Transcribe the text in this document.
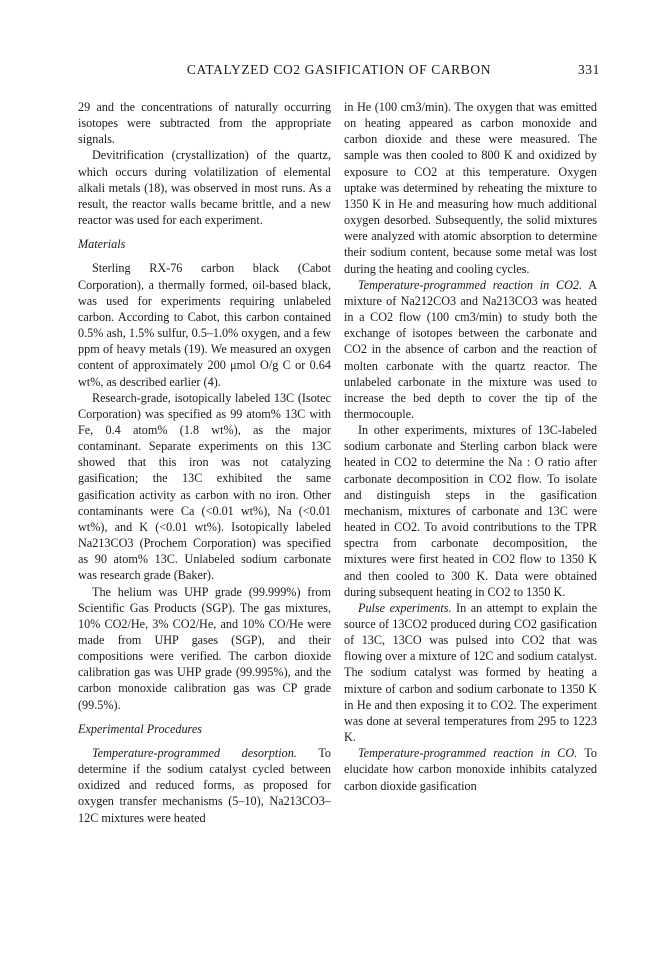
CATALYZED CO2 GASIFICATION OF CARBON	331

29 and the concentrations of naturally occurring isotopes were subtracted from the appropriate signals.

Devitrification (crystallization) of the quartz, which occurs during volatilization of elemental alkali metals (18), was observed in most runs. As a result, the reactor walls became brittle, and a new reactor was used for each experiment.

Materials

Sterling RX-76 carbon black (Cabot Corporation), a thermally formed, oil-based black, was used for experiments requiring unlabeled carbon. According to Cabot, this carbon contained 0.5% ash, 1.5% sulfur, 0.5–1.0% oxygen, and a few ppm of heavy metals (19). We measured an oxygen content of approximately 200 μmol O/g C or 0.64 wt%, as described earlier (4).

Research-grade, isotopically labeled 13C (Isotec Corporation) was specified as 99 atom% 13C with Fe, 0.4 atom% (1.8 wt%), as the major contaminant. Separate experiments on this 13C showed that this iron was not catalyzing gasification; the 13C exhibited the same gasification activity as carbon with no iron. Other contaminants were Ca (<0.01 wt%), Na (<0.01 wt%), and K (<0.01 wt%). Isotopically labeled Na213CO3 (Prochem Corporation) was specified as 90 atom% 13C. Unlabeled sodium carbonate was research grade (Baker).

The helium was UHP grade (99.999%) from Scientific Gas Products (SGP). The gas mixtures, 10% CO2/He, 3% CO2/He, and 10% CO/He were made from UHP gases (SGP), and their compositions were verified. The carbon dioxide calibration gas was UHP grade (99.995%), and the carbon monoxide calibration gas was CP grade (99.5%).

Experimental Procedures

Temperature-programmed desorption. To determine if the sodium catalyst cycled between oxidized and reduced forms, as proposed for oxygen transfer mechanisms (5–10), Na213CO3–12C mixtures were heated

in He (100 cm3/min). The oxygen that was emitted on heating appeared as carbon monoxide and carbon dioxide and these were measured. The sample was then cooled to 800 K and oxidized by exposure to CO2 at this temperature. Oxygen uptake was determined by reheating the mixture to 1350 K in He and measuring how much additional oxygen desorbed. Subsequently, the solid mixtures were analyzed with atomic absorption to determine their sodium content, because some metal was lost during the heating and cooling cycles.

Temperature-programmed reaction in CO2. A mixture of Na212CO3 and Na213CO3 was heated in a CO2 flow (100 cm3/min) to study both the exchange of isotopes between the carbonate and CO2 in the absence of carbon and the reaction of molten carbonate with the quartz reactor. The unlabeled carbonate in the mixture was used to increase the bed depth to cover the tip of the thermocouple.

In other experiments, mixtures of 13C-labeled sodium carbonate and Sterling carbon black were heated in CO2 to determine the Na : O ratio after carbonate decomposition in CO2 flow. To isolate and distinguish steps in the gasification mechanism, mixtures of carbonate and 13C were heated in CO2. To avoid contributions to the TPR spectra from carbonate decomposition, the mixtures were first heated in CO2 flow to 1350 K and then cooled to 300 K. Data were obtained during subsequent heating in CO2 to 1350 K.

Pulse experiments. In an attempt to explain the source of 13CO2 produced during CO2 gasification of 13C, 13CO was pulsed into CO2 that was flowing over a mixture of 12C and sodium catalyst. The sodium catalyst was formed by heating a mixture of carbon and sodium carbonate to 1350 K in He and then exposing it to CO2. The experiment was done at several temperatures from 295 to 1223 K.

Temperature-programmed reaction in CO. To elucidate how carbon monoxide inhibits catalyzed carbon dioxide gasification
